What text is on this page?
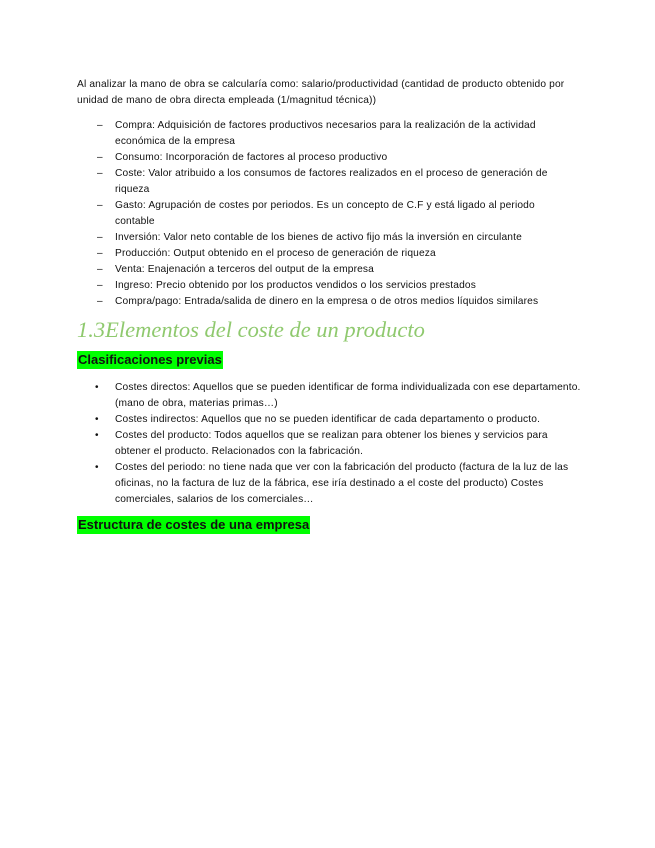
Al analizar la mano de obra se calcularía como: salario/productividad (cantidad de producto obtenido por unidad de mano de obra directa empleada (1/magnitud técnica))

–	Compra: Adquisición de factores productivos necesarios para la realización de la actividad económica de la empresa
–	Consumo: Incorporación de factores al proceso productivo
–	Coste: Valor atribuido a los consumos de factores realizados en el proceso de generación de riqueza
–	Gasto: Agrupación de costes por periodos. Es un concepto de C.F y está ligado al periodo contable
–	Inversión: Valor neto contable de los bienes de activo fijo más la inversión en circulante
–	Producción: Output obtenido en el proceso de generación de riqueza
–	Venta: Enajenación a terceros del output de la empresa
–	Ingreso: Precio obtenido por los productos vendidos o los servicios prestados
–	Compra/pago: Entrada/salida de dinero en la empresa o de otros medios líquidos similares
1.3Elementos del coste de un producto
Clasificaciones previas
• Costes directos: Aquellos que se pueden identificar de forma individualizada con ese departamento. (mano de obra, materias primas…)
• Costes indirectos: Aquellos que no se pueden identificar de cada departamento o producto.
• Costes del producto: Todos aquellos que se realizan para obtener los bienes y servicios para obtener el producto. Relacionados con la fabricación.
• Costes del periodo: no tiene nada que ver con la fabricación del producto (factura de la luz de las oficinas, no la factura de luz de la fábrica, ese iría destinado a el coste del producto) Costes comerciales, salarios de los comerciales…
Estructura de costes de una empresa
